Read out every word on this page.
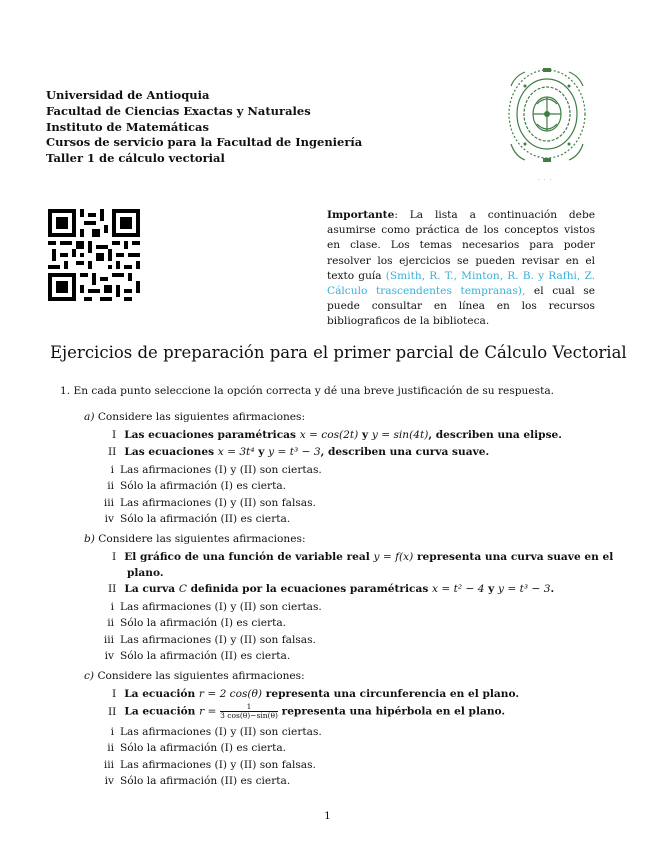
Universidad de Antioquia
Facultad de Ciencias Exactas y Naturales
Instituto de Matemáticas
Cursos de servicio para la Facultad de Ingeniería
Taller 1 de cálculo vectorial
· · ·
Importante: La lista a continuación debe asumirse como práctica de los conceptos vistos en clase. Los temas necesarios para poder resolver los ejercicios se pueden revisar en el texto guía (Smith, R. T., Minton, R. B. y Rafhi, Z. Cálculo trascendentes tempranas), el cual se puede consultar en línea en los recursos bibliograficos de la biblioteca.
Ejercicios de preparación para el primer parcial de Cálculo Vectorial
1. En cada punto seleccione la opción correcta y dé una breve justificación de su respuesta.
a) Considere las siguientes afirmaciones:
I Las ecuaciones paramétricas x = cos(2t) y y = sin(4t), describen una elipse.
II Las ecuaciones x = 3t⁴ y y = t³ − 3, describen una curva suave.
i Las afirmaciones (I) y (II) son ciertas.
ii Sólo la afirmación (I) es cierta.
iii Las afirmaciones (I) y (II) son falsas.
iv Sólo la afirmación (II) es cierta.
b) Considere las siguientes afirmaciones:
I El gráfico de una función de variable real y = f(x) representa una curva suave en el
plano.
II La curva C definida por la ecuaciones paramétricas x = t² − 4 y y = t³ − 3.
i Las afirmaciones (I) y (II) son ciertas.
ii Sólo la afirmación (I) es cierta.
iii Las afirmaciones (I) y (II) son falsas.
iv Sólo la afirmación (II) es cierta.
c) Considere las siguientes afirmaciones:
I La ecuación r = 2 cos(θ) representa una circunferencia en el plano.
II La ecuación $r = \frac{1}{3 \cos(\theta)-\sin(\theta)}$ representa una hipérbola en el plano.
i Las afirmaciones (I) y (II) son ciertas.
ii Sólo la afirmación (I) es cierta.
iii Las afirmaciones (I) y (II) son falsas.
iv Sólo la afirmación (II) es cierta.
1
